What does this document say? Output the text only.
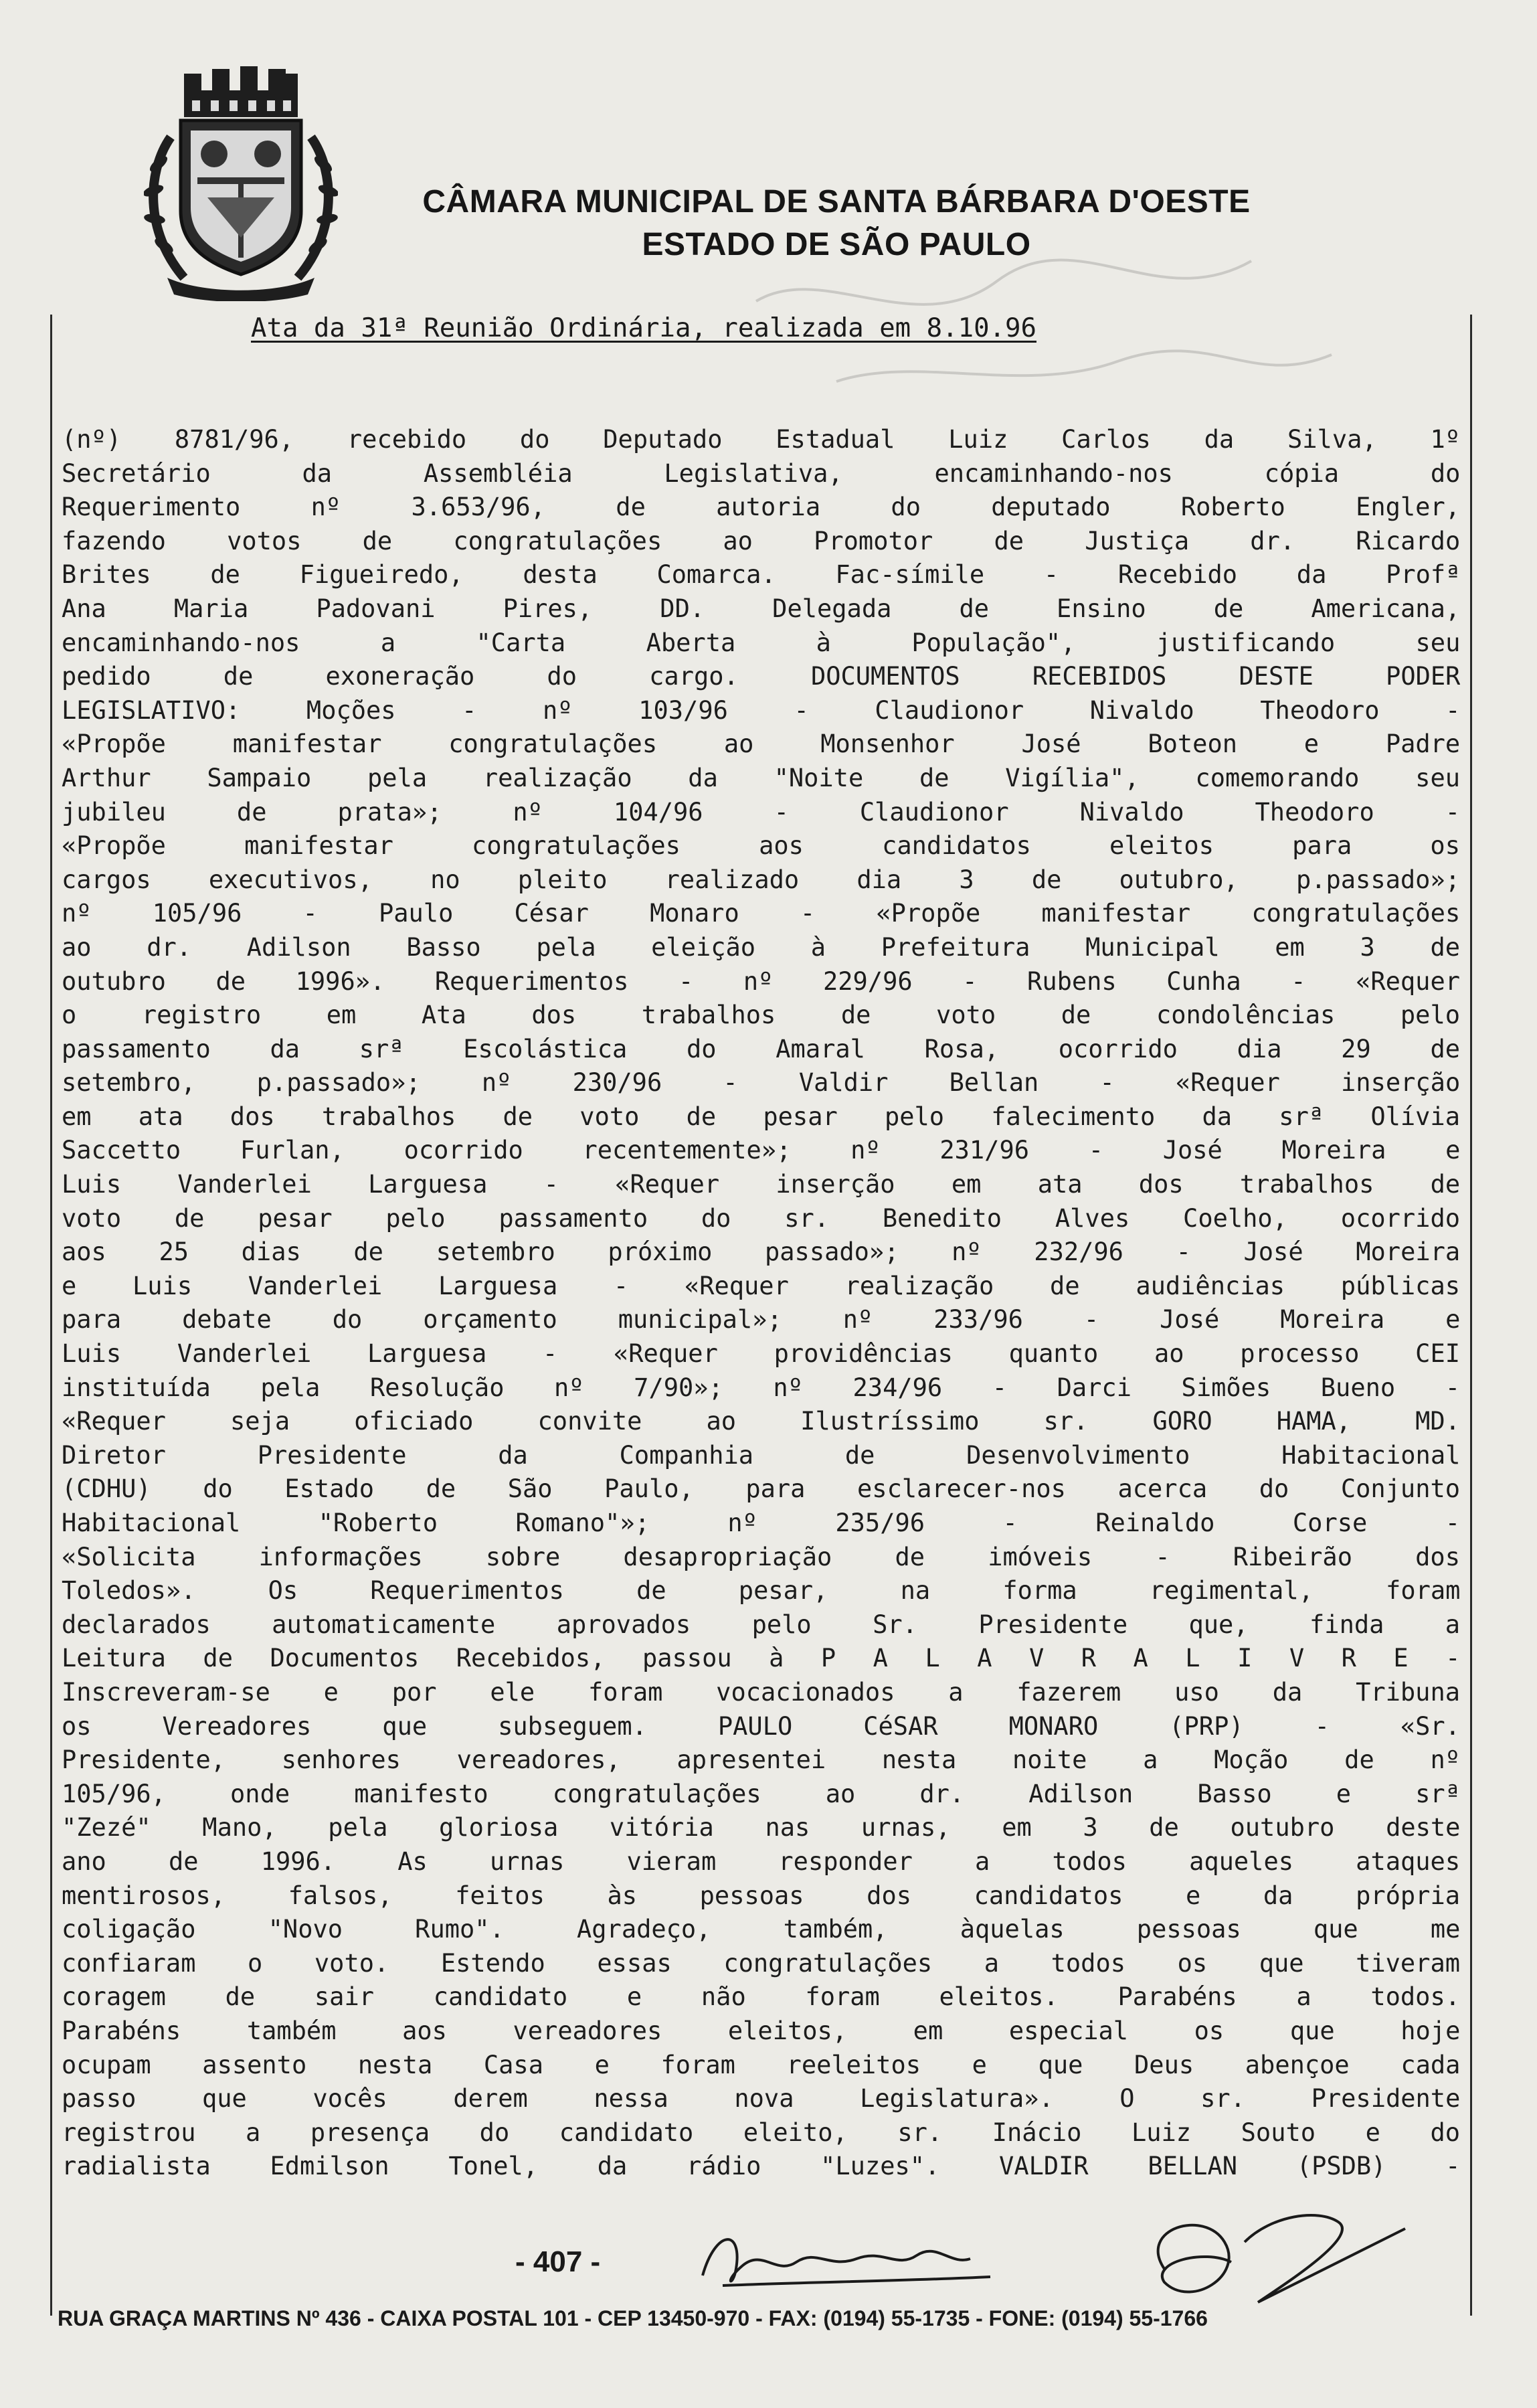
CÂMARA MUNICIPAL DE SANTA BÁRBARA D'OESTE
ESTADO DE SÃO PAULO
Ata da 31ª Reunião Ordinária, realizada em 8.10.96

(nº) 8781/96, recebido do Deputado Estadual Luiz Carlos da Silva, 1º

Secretário da Assembléia Legislativa, encaminhando-nos cópia do

Requerimento nº 3.653/96, de autoria do deputado Roberto Engler,

fazendo votos de congratulações ao Promotor de Justiça dr. Ricardo

Brites de Figueiredo, desta Comarca. Fac-símile - Recebido da Profª

Ana Maria Padovani Pires, DD. Delegada de Ensino de Americana,

encaminhando-nos a "Carta Aberta à População", justificando seu

pedido de exoneração do cargo. DOCUMENTOS RECEBIDOS DESTE PODER

LEGISLATIVO: Moções - nº 103/96 - Claudionor Nivaldo Theodoro -

«Propõe manifestar congratulações ao Monsenhor José Boteon e Padre

Arthur Sampaio pela realização da "Noite de Vigília", comemorando seu

jubileu de prata»; nº 104/96 - Claudionor Nivaldo Theodoro -

«Propõe manifestar congratulações aos candidatos eleitos para os

cargos executivos, no pleito realizado dia 3 de outubro, p.passado»;

nº 105/96 - Paulo César Monaro - «Propõe manifestar congratulações

ao dr. Adilson Basso pela eleição à Prefeitura Municipal em 3 de

outubro de 1996». Requerimentos - nº 229/96 - Rubens Cunha - «Requer

o registro em Ata dos trabalhos de voto de condolências pelo

passamento da srª Escolástica do Amaral Rosa, ocorrido dia 29 de

setembro, p.passado»; nº 230/96 - Valdir Bellan - «Requer inserção

em ata dos trabalhos de voto de pesar pelo falecimento da srª Olívia

Saccetto Furlan, ocorrido recentemente»; nº 231/96 - José Moreira e

Luis Vanderlei Larguesa - «Requer inserção em ata dos trabalhos de

voto de pesar pelo passamento do sr. Benedito Alves Coelho, ocorrido

aos 25 dias de setembro próximo passado»; nº 232/96 - José Moreira

e Luis Vanderlei Larguesa - «Requer realização de audiências públicas

para debate do orçamento municipal»; nº 233/96 - José Moreira e

Luis Vanderlei Larguesa - «Requer providências quanto ao processo CEI

instituída pela Resolução nº 7/90»; nº 234/96 - Darci Simões Bueno -

«Requer seja oficiado convite ao Ilustríssimo sr. GORO HAMA, MD.

Diretor Presidente da Companhia de Desenvolvimento Habitacional

(CDHU) do Estado de São Paulo, para esclarecer-nos acerca do Conjunto

Habitacional "Roberto Romano"»; nº 235/96 - Reinaldo Corse -

«Solicita informações sobre desapropriação de imóveis - Ribeirão dos

Toledos». Os Requerimentos de pesar, na forma regimental, foram

declarados automaticamente aprovados pelo Sr. Presidente que, finda a

Leitura de Documentos Recebidos, passou à P A L A V R A L I V R E -

Inscreveram-se e por ele foram vocacionados a fazerem uso da Tribuna

os Vereadores que subseguem. PAULO CéSAR MONARO (PRP) - «Sr.

Presidente, senhores vereadores, apresentei nesta noite a Moção de nº

105/96, onde manifesto congratulações ao dr. Adilson Basso e srª

"Zezé" Mano, pela gloriosa vitória nas urnas, em 3 de outubro deste

ano de 1996. As urnas vieram responder a todos aqueles ataques

mentirosos, falsos, feitos às pessoas dos candidatos e da própria

coligação "Novo Rumo". Agradeço, também, àquelas pessoas que me

confiaram o voto. Estendo essas congratulações a todos os que tiveram

coragem de sair candidato e não foram eleitos. Parabéns a todos.

Parabéns também aos vereadores eleitos, em especial os que hoje

ocupam assento nesta Casa e foram reeleitos e que Deus abençoe cada

passo que vocês derem nessa nova Legislatura». O sr. Presidente

registrou a presença do candidato eleito, sr. Inácio Luiz Souto e do

radialista Edmilson Tonel, da rádio "Luzes". VALDIR BELLAN (PSDB) -

- 407 -
RUA GRAÇA MARTINS Nº 436 - CAIXA POSTAL 101 - CEP 13450-970 - FAX: (0194) 55-1735 - FONE: (0194) 55-1766
